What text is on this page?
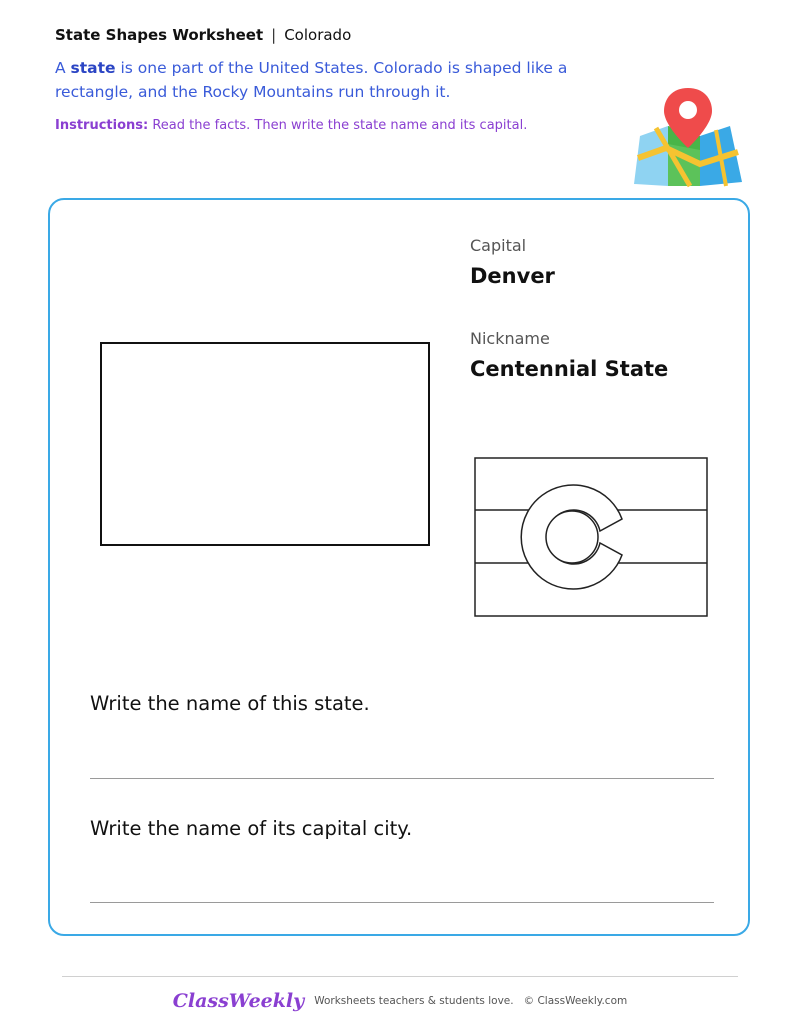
State Shapes Worksheet | Colorado
A state is one part of the United States. Colorado is shaped like a rectangle, and the Rocky Mountains run through it.
Instructions: Read the facts. Then write the state name and its capital.
Capital
Denver
Nickname
Centennial State
Write the name of this state.
Write the name of its capital city.
ClassWeekly Worksheets teachers & students love. © ClassWeekly.com
